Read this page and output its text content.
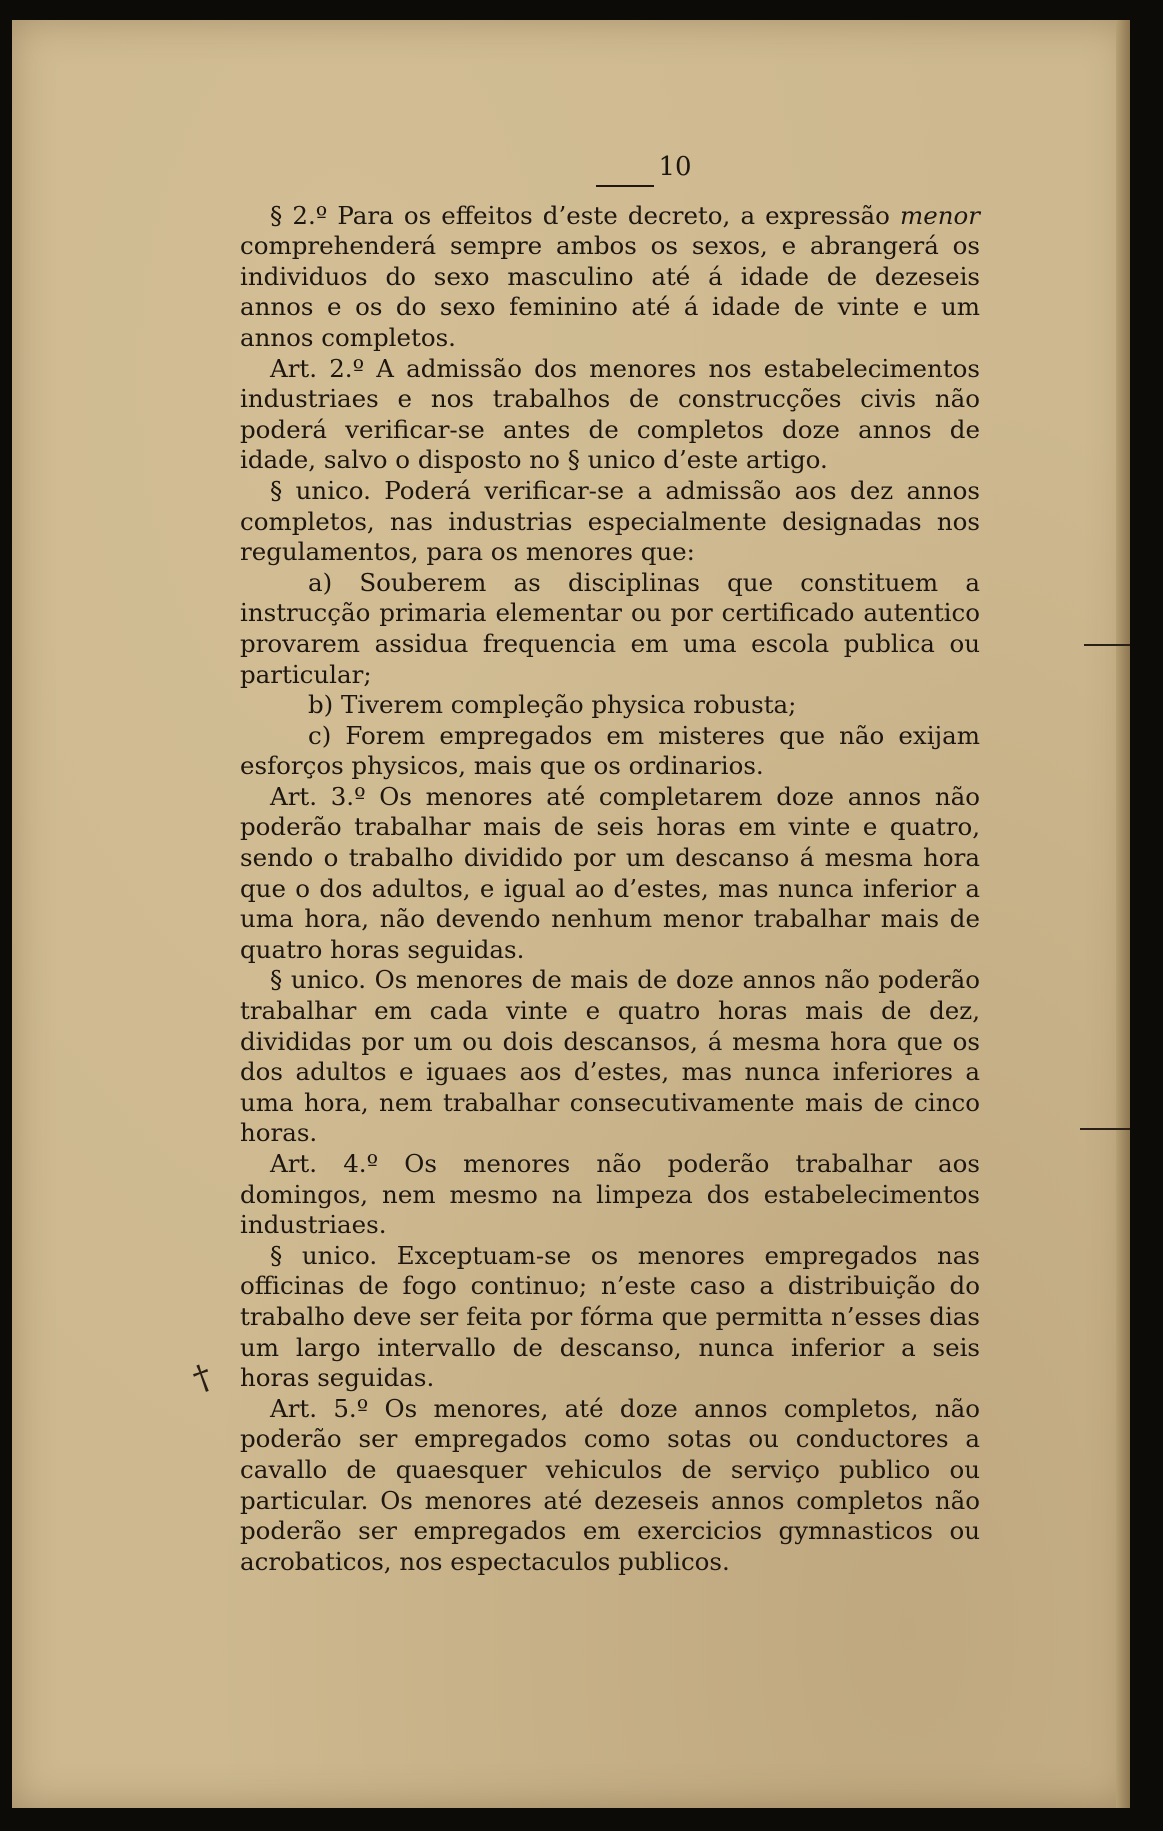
†
10

§ 2.º Para os effeitos d’este decreto, a expressão menor comprehenderá sempre ambos os sexos, e abrangerá os individuos do sexo masculino até á idade de dezeseis annos e os do sexo feminino até á idade de vinte e um annos completos.

Art. 2.º A admissão dos menores nos estabelecimentos industriaes e nos trabalhos de construcções civis não poderá verificar-se antes de completos doze annos de idade, salvo o disposto no § unico d’este artigo.

§ unico. Poderá verificar-se a admissão aos dez annos completos, nas industrias especialmente designadas nos regulamentos, para os menores que:

a) Souberem as disciplinas que constituem a instrucção primaria elementar ou por certificado autentico provarem assidua frequencia em uma escola publica ou particular;

b) Tiverem compleção physica robusta;

c) Forem empregados em misteres que não exijam esforços physicos, mais que os ordinarios.

Art. 3.º Os menores até completarem doze annos não poderão trabalhar mais de seis horas em vinte e quatro, sendo o trabalho dividido por um descanso á mesma hora que o dos adultos, e igual ao d’estes, mas nunca inferior a uma hora, não devendo nenhum menor trabalhar mais de quatro horas seguidas.

§ unico. Os menores de mais de doze annos não poderão trabalhar em cada vinte e quatro horas mais de dez, divididas por um ou dois descansos, á mesma hora que os dos adultos e iguaes aos d’estes, mas nunca inferiores a uma hora, nem trabalhar consecutivamente mais de cinco horas.

Art. 4.º Os menores não poderão trabalhar aos domingos, nem mesmo na limpeza dos estabelecimentos industriaes.

§ unico. Exceptuam-se os menores empregados nas officinas de fogo continuo; n’este caso a distribuição do trabalho deve ser feita por fórma que permitta n’esses dias um largo intervallo de descanso, nunca inferior a seis horas seguidas.

Art. 5.º Os menores, até doze annos completos, não poderão ser empregados como sotas ou conductores a cavallo de quaesquer vehiculos de serviço publico ou particular. Os menores até dezeseis annos completos não poderão ser empregados em exercicios gymnasticos ou acrobaticos, nos espectaculos publicos.
